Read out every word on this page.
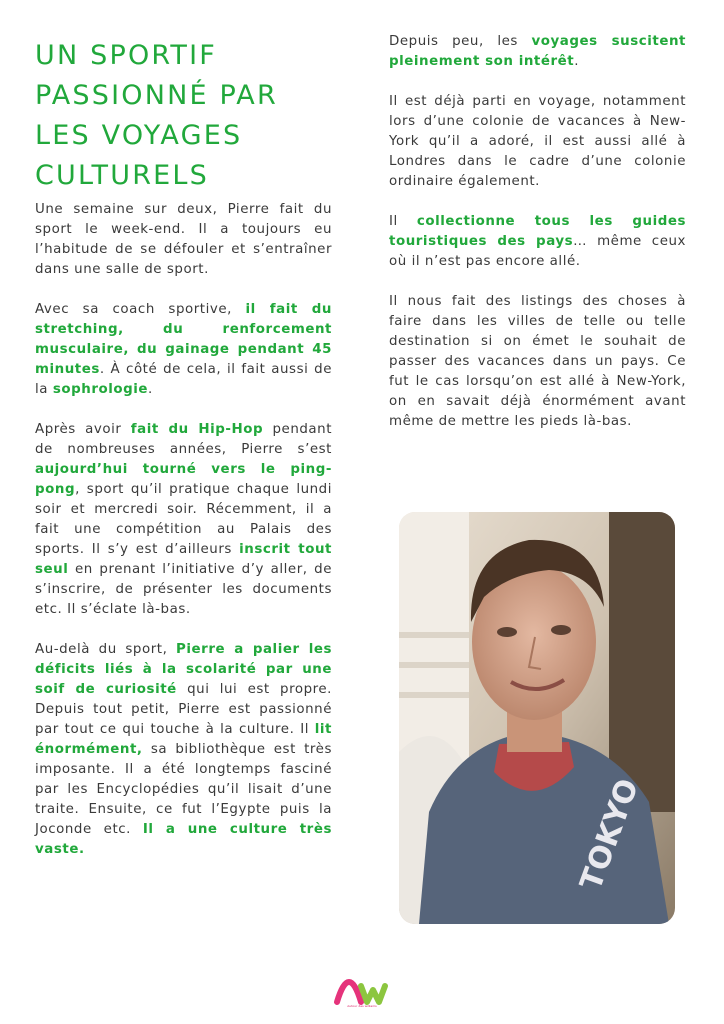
UN SPORTIF PASSIONNÉ PAR LES VOYAGES CULTURELS

Une semaine sur deux, Pierre fait du sport le week-end. Il a toujours eu l’habitude de se défouler et s’entraîner dans une salle de sport.

Avec sa coach sportive, il fait du stretching, du renforcement musculaire, du gainage pendant 45 minutes. À côté de cela, il fait aussi de la sophrologie.

Après avoir fait du Hip-Hop pendant de nombreuses années, Pierre s’est aujourd’hui tourné vers le ping-pong, sport qu’il pratique chaque lundi soir et mercredi soir. Récemment, il a fait une compétition au Palais des sports. Il s’y est d’ailleurs inscrit tout seul en prenant l’initiative d’y aller, de s’inscrire, de présenter les documents etc. Il s’éclate là-bas.

Au-delà du sport, Pierre a palier les déficits liés à la scolarité par une soif de curiosité qui lui est propre. Depuis tout petit, Pierre est passionné par tout ce qui touche à la culture. Il lit énormément, sa bibliothèque est très imposante. Il a été longtemps fasciné par les Encyclopédies qu’il lisait d’une traite. Ensuite, ce fut l’Egypte puis la Joconde etc. Il a une culture très vaste.

Depuis peu, les voyages suscitent pleinement son intérêt.

Il est déjà parti en voyage, notamment lors d’une colonie de vacances à New-York qu’il a adoré, il est aussi allé à Londres dans le cadre d’une colonie ordinaire également.

Il collectionne tous les guides touristiques des pays… même ceux où il n’est pas encore allé.

Il nous fait des listings des choses à faire dans les villes de telle ou telle destination si on émet le souhait de passer des vacances dans un pays. Ce fut le cas lorsqu’on est allé à New-York, on en savait déjà énormément avant même de mettre les pieds là-bas.

TOKYO
AW
Autour des williams
